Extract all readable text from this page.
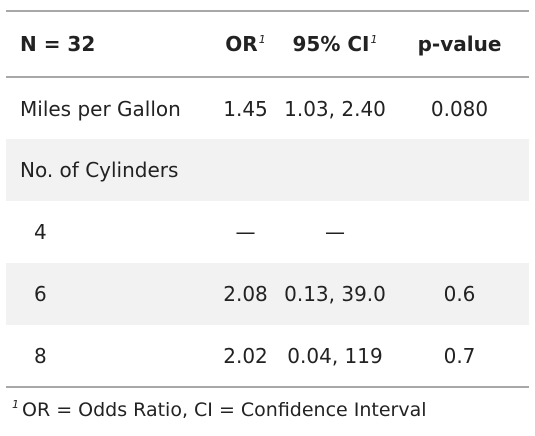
N = 32	OR$^1$	95% CI$^1$	p-value
Miles per Gallon	1.45	1.03, 2.40	0.080
No. of Cylinders			
4	—	—	
6	2.08	0.13, 39.0	0.6
8	2.02	0.04, 119	0.7
$^1$ OR = Odds Ratio, CI = Confidence Interval
